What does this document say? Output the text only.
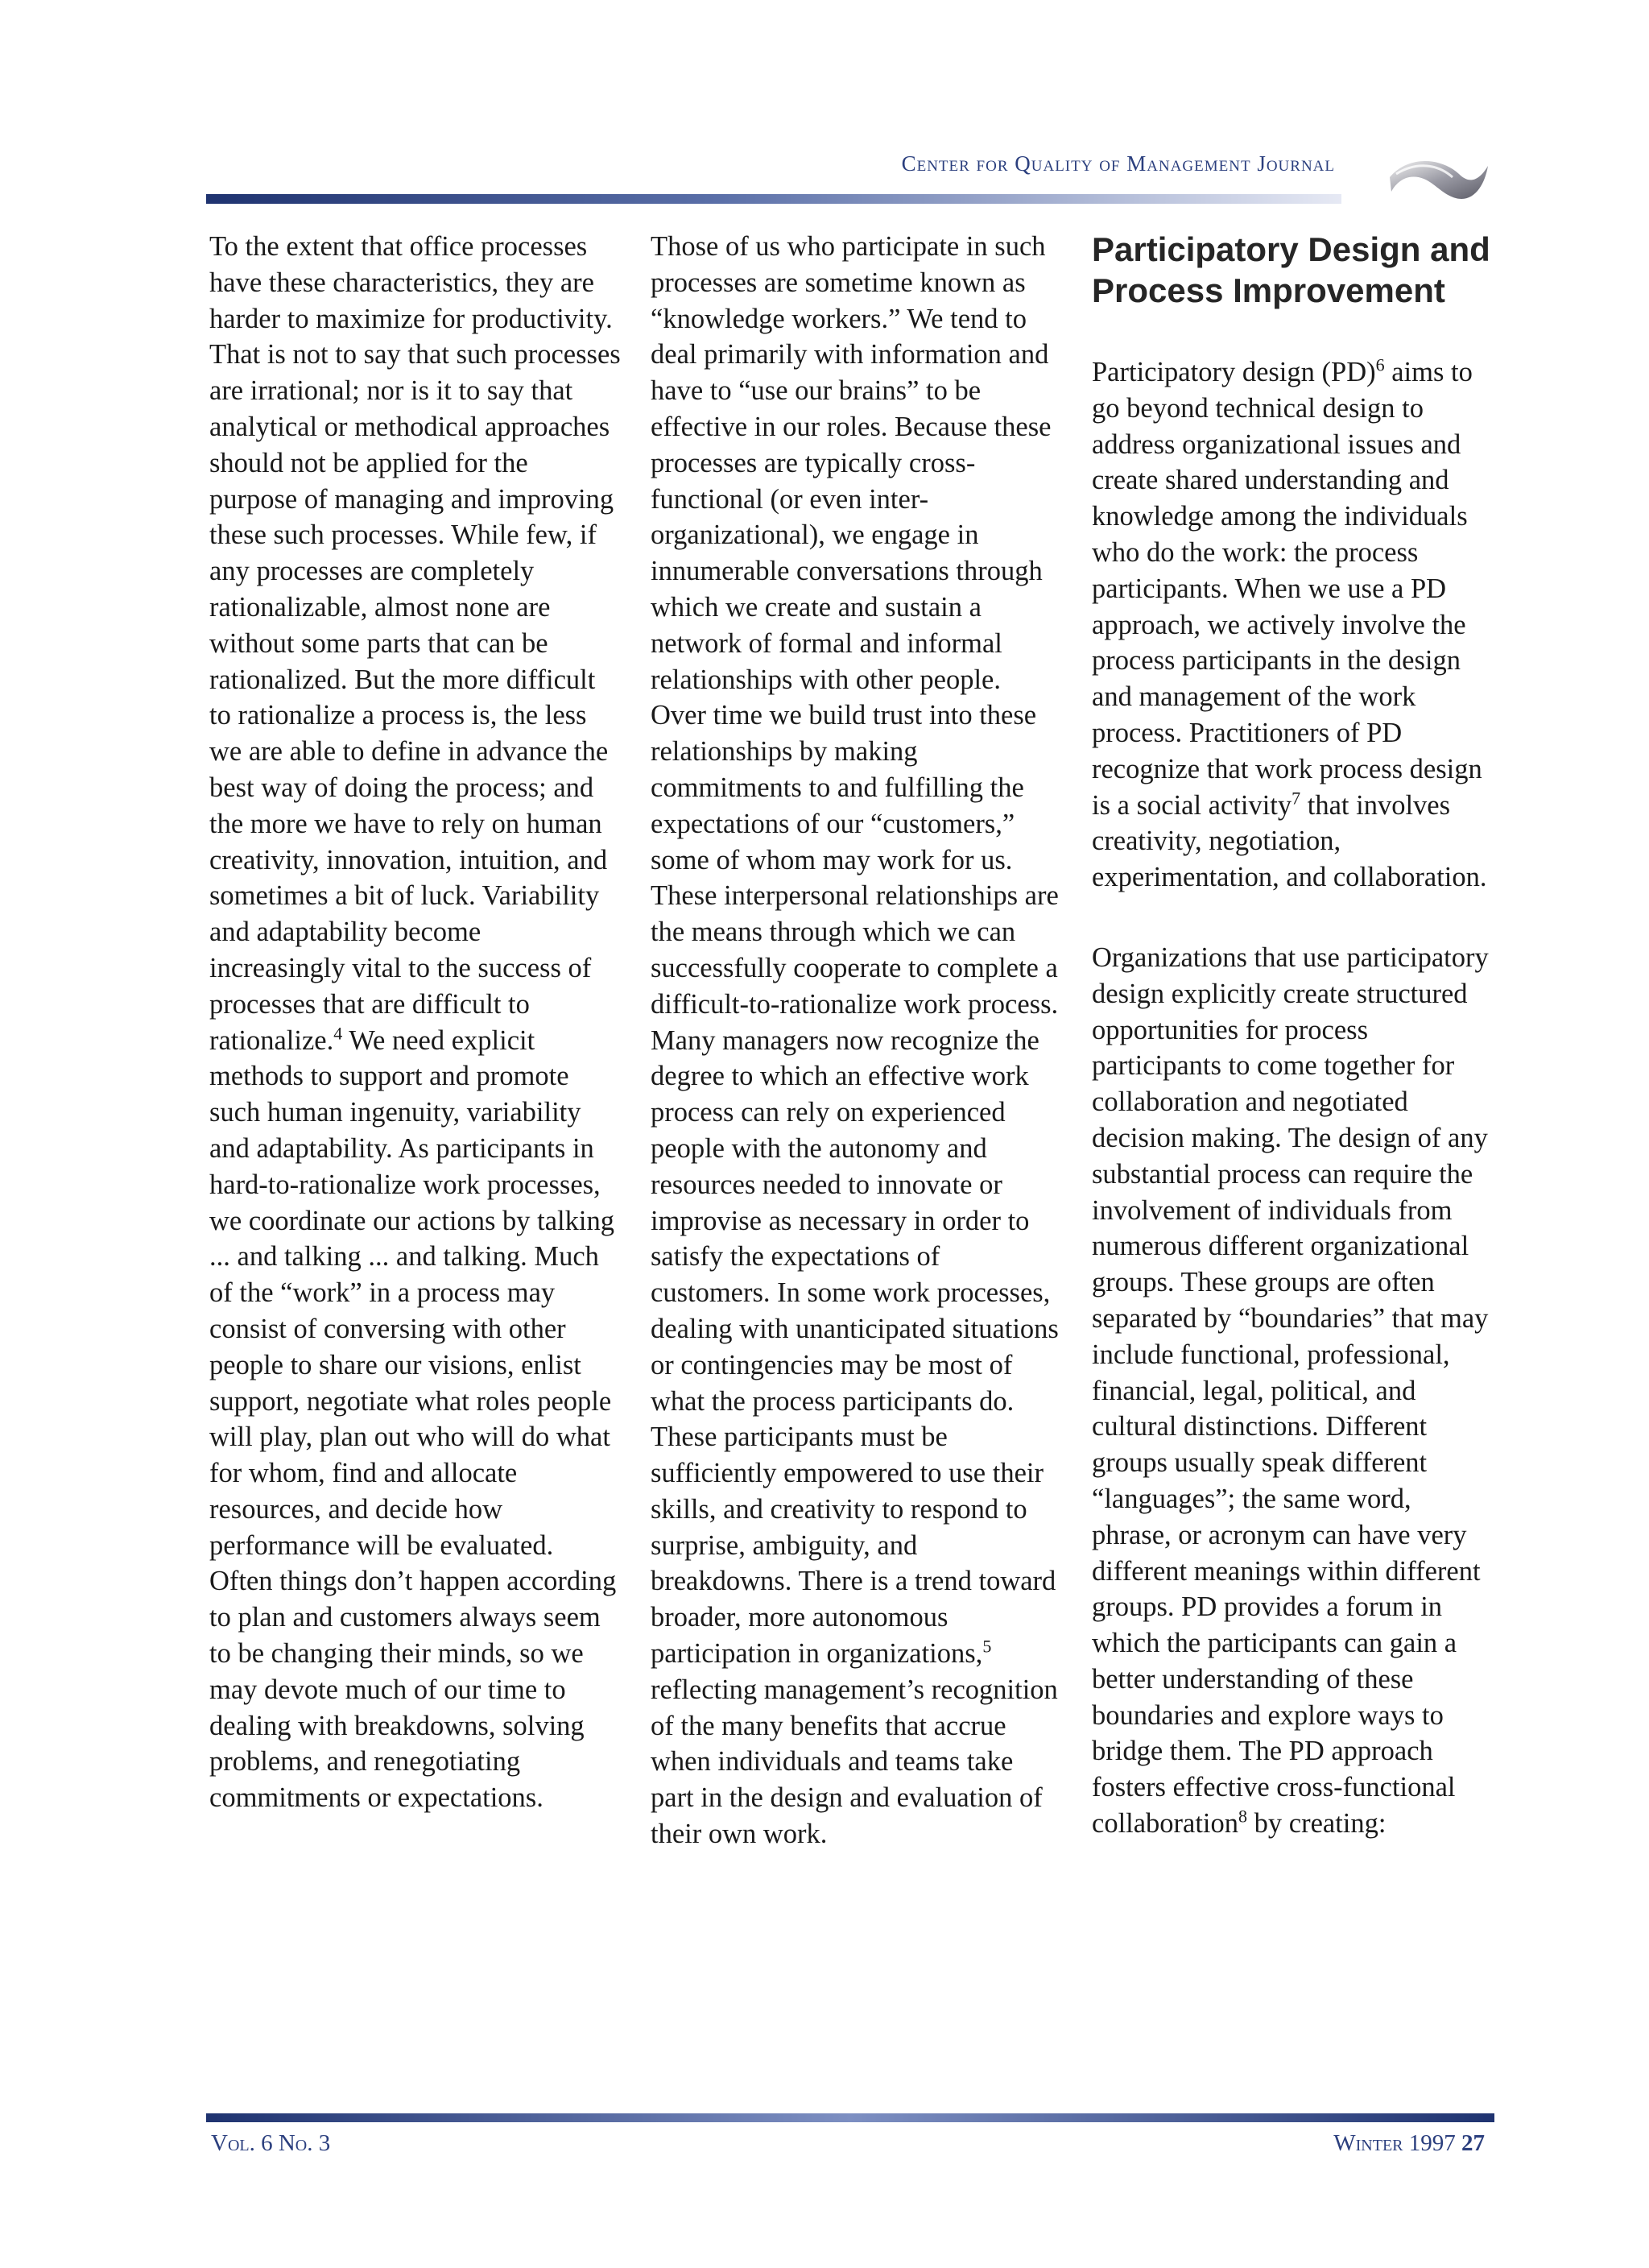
Center for Quality of Management Journal

To the extent that office processes have these characteristics, they are harder to maximize for productivity. That is not to say that such processes are irrational; nor is it to say that analytical or methodical approaches should not be applied for the purpose of managing and improving these such processes. While few, if any processes are completely rationalizable, almost none are without some parts that can be rationalized. But the more difficult to rationalize a process is, the less we are able to define in advance the best way of doing the process; and the more we have to rely on human creativity, innovation, intuition, and sometimes a bit of luck. Variability and adaptability become increasingly vital to the success of processes that are difficult to rationalize.$^4$ We need explicit methods to support and promote such human ingenuity, variability and adaptability. As participants in hard-to-rationalize work processes, we coordinate our actions by talking ... and talking ... and talking. Much of the “work” in a process may consist of conversing with other people to share our visions, enlist support, negotiate what roles people will play, plan out who will do what for whom, find and allocate resources, and decide how performance will be evaluated. Often things don’t happen according to plan and customers always seem to be changing their minds, so we may devote much of our time to dealing with breakdowns, solving problems, and renegotiating commitments or expectations.

Those of us who participate in such processes are sometime known as “knowledge workers.” We tend to deal primarily with information and have to “use our brains” to be effective in our roles. Because these processes are typically cross-functional (or even inter-organizational), we engage in innumerable conversations through which we create and sustain a network of formal and informal relationships with other people. Over time we build trust into these relationships by making commitments to and fulfilling the expectations of our “customers,” some of whom may work for us. These interpersonal relationships are the means through which we can successfully cooperate to complete a difficult-to-rationalize work process.

Many managers now recognize the degree to which an effective work process can rely on experienced people with the autonomy and resources needed to innovate or improvise as necessary in order to satisfy the expectations of customers. In some work processes, dealing with unanticipated situations or contingencies may be most of what the process participants do. These participants must be sufficiently empowered to use their skills, and creativity to respond to surprise, ambiguity, and breakdowns. There is a trend toward broader, more autonomous participation in organizations,$^5$ reflecting management’s recognition of the many benefits that accrue when individuals and teams take part in the design and evaluation of their own work.

Participatory Design and Process Improvement

Participatory design (PD)$^6$ aims to go beyond technical design to address organizational issues and create shared understanding and knowledge among the individuals who do the work: the process participants. When we use a PD approach, we actively involve the process participants in the design and management of the work process. Practitioners of PD recognize that work process design is a social activity$^7$ that involves creativity, negotiation, experimentation, and collaboration.

Organizations that use participatory design explicitly create structured opportunities for process participants to come together for collaboration and negotiated decision making. The design of any substantial process can require the involvement of individuals from numerous different organizational groups. These groups are often separated by “boundaries” that may include functional, professional, financial, legal, political, and cultural distinctions. Different groups usually speak different “languages”; the same word, phrase, or acronym can have very different meanings within different groups. PD provides a forum in which the participants can gain a better understanding of these boundaries and explore ways to bridge them. The PD approach fosters effective cross-functional collaboration$^8$ by creating:

Vol. 6 No. 3	Winter 1997 27
